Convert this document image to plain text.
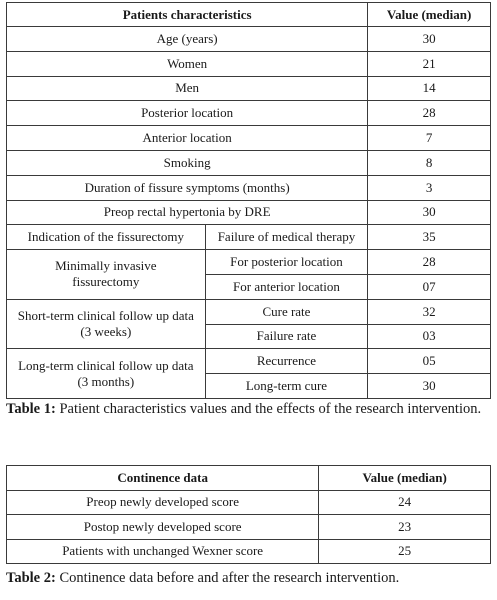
Patients characteristics		Value (median)
Age (years)		30
Women		21
Men		14
Posterior location		28
Anterior location		7
Smoking		8
Duration of fissure symptoms (months)		3
Preop rectal hypertonia by DRE		30
Indication of the fissurectomy	Failure of medical therapy	35
Minimally invasive fissurectomy	For posterior location	28
	For anterior location	07
Short-term clinical follow up data (3 weeks)	Cure rate	32
	Failure rate	03
Long-term clinical follow up data (3 months)	Recurrence	05
	Long-term cure	30
Table 1: Patient characteristics values and the effects of the research intervention.
Continence data	Value (median)
Preop newly developed score	24
Postop newly developed score	23
Patients with unchanged Wexner score	25
Table 2: Continence data before and after the research intervention.
